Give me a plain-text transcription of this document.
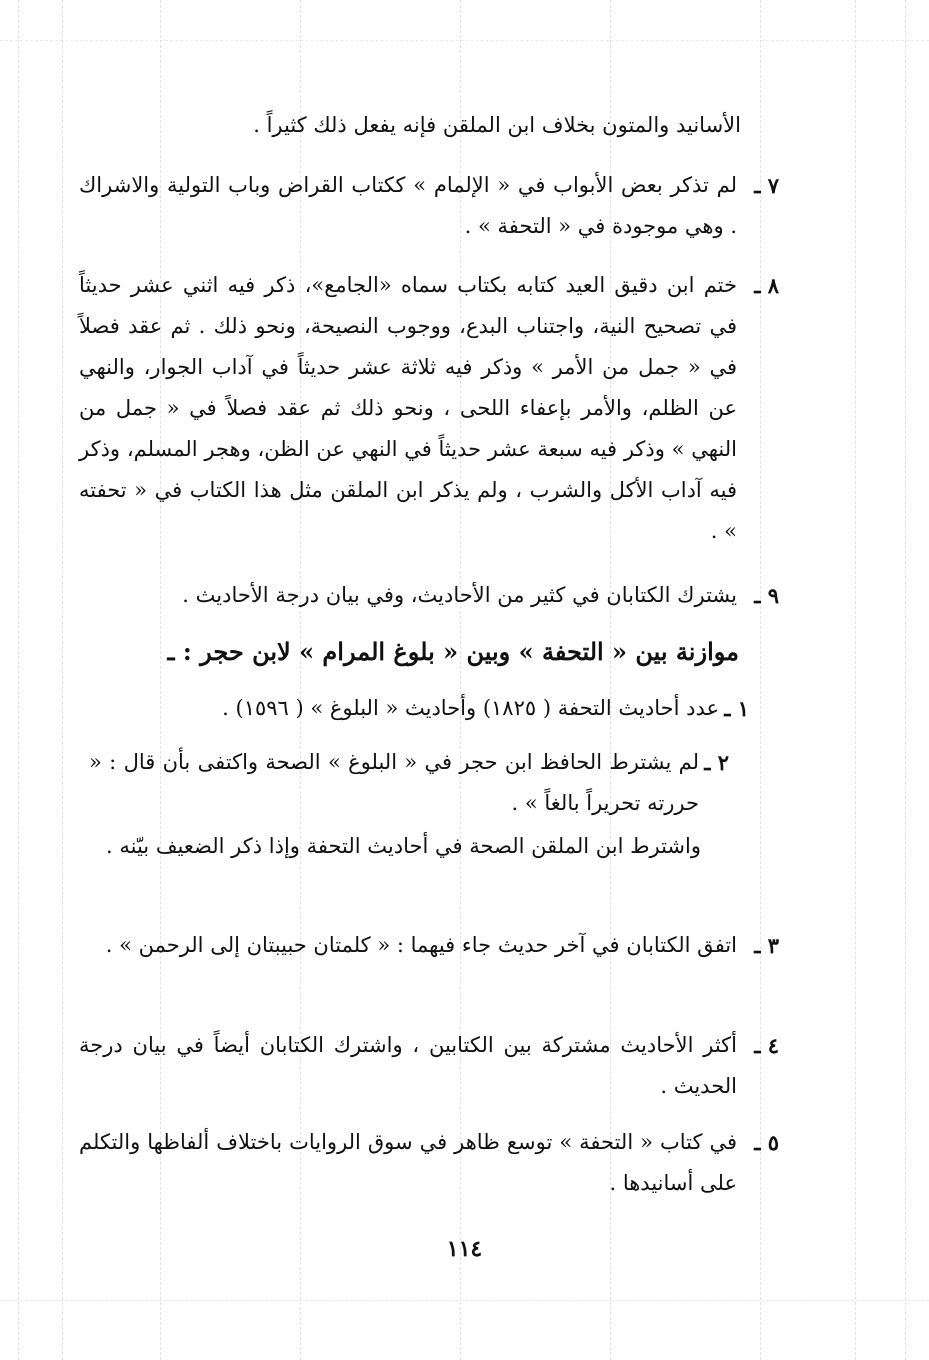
الأسانيد والمتون بخلاف ابن الملقن فإنه يفعل ذلك كثيراً .
٧ ـ
لم تذكر بعض الأبواب في « الإلمام » ككتاب القراض وباب التولية والاشراك . وهي موجودة في « التحفة » .
٨ ـ
ختم ابن دقيق العيد كتابه بكتاب سماه «الجامع»، ذكر فيه اثني عشر حديثاً في تصحيح النية، واجتناب البدع، ووجوب النصيحة، ونحو ذلك . ثم عقد فصلاً في « جمل من الأمر » وذكر فيه ثلاثة عشر حديثاً في آداب الجوار، والنهي عن الظلم، والأمر بإعفاء اللحى ، ونحو ذلك ثم عقد فصلاً في « جمل من النهي » وذكر فيه سبعة عشر حديثاً في النهي عن الظن، وهجر المسلم، وذكر فيه آداب الأكل والشرب ، ولم يذكر ابن الملقن مثل هذا الكتاب في « تحفته » .
٩ ـ
يشترك الكتابان في كثير من الأحاديث، وفي بيان درجة الأحاديث .
موازنة بين « التحفة » وبين « بلوغ المرام » لابن حجر : ـ
١ ـ
عدد أحاديث التحفة ( ١٨٢٥) وأحاديث « البلوغ » ( ١٥٩٦) .
٢ ـ
لم يشترط الحافظ ابن حجر في « البلوغ » الصحة واكتفى بأن قال : « حررته تحريراً بالغاً » .
واشترط ابن الملقن الصحة في أحاديث التحفة وإذا ذكر الضعيف بيّنه .
٣ ـ
اتفق الكتابان في آخر حديث جاء فيهما : « كلمتان حبيبتان إلى الرحمن » .
٤ ـ
أكثر الأحاديث مشتركة بين الكتابين ، واشترك الكتابان أيضاً في بيان درجة الحديث .
٥ ـ
في كتاب « التحفة » توسع ظاهر في سوق الروايات باختلاف ألفاظها والتكلم على أسانيدها .
١١٤
